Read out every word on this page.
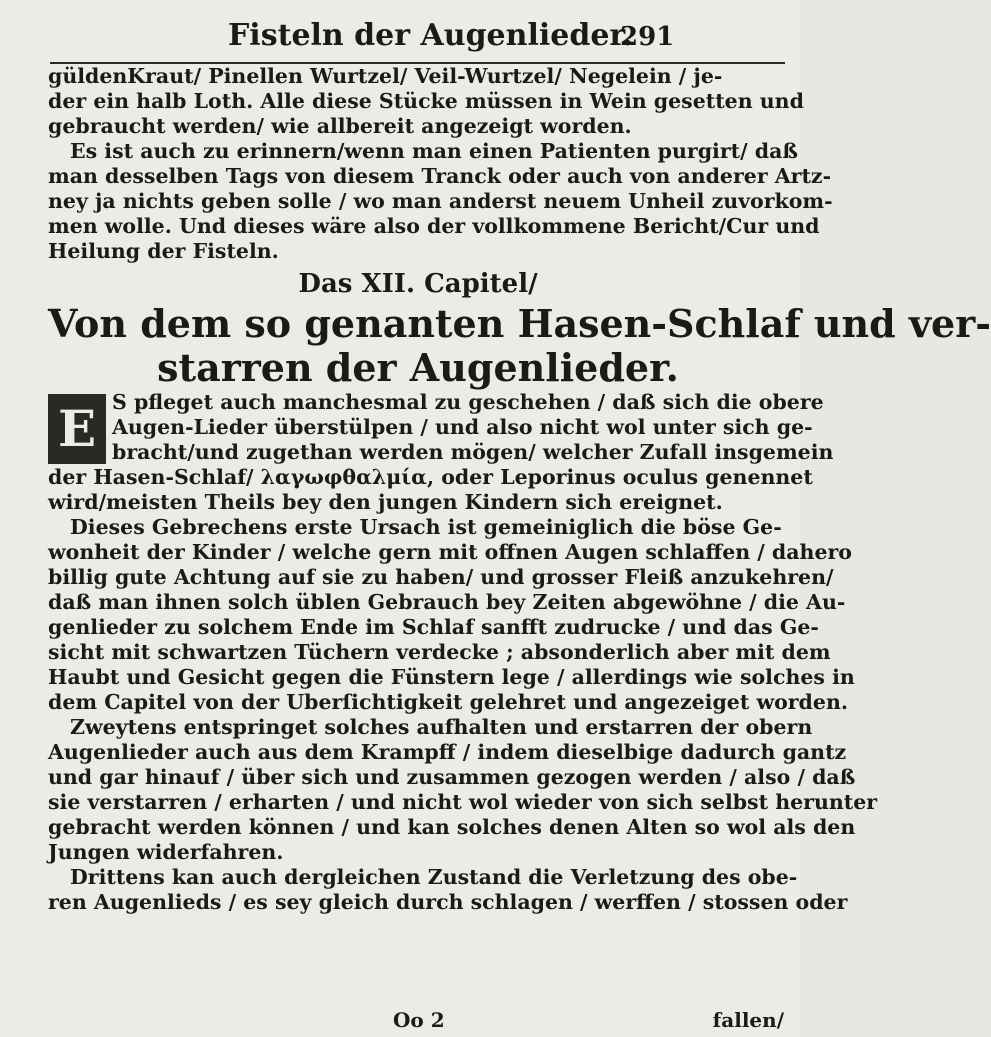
Fisteln der Augenlieder.
291
güldenKraut/ Pinellen Wurtzel/ Veil-Wurtzel/ Negelein / je-
der ein halb Loth. Alle diese Stücke müssen in Wein gesetten und
gebraucht werden/ wie allbereit angezeigt worden.
Es ist auch zu erinnern/wenn man einen Patienten purgirt/ daß
man desselben Tags von diesem Tranck oder auch von anderer Artz-
ney ja nichts geben solle / wo man anderst neuem Unheil zuvorkom-
men wolle. Und dieses wäre also der vollkommene Bericht/Cur und
Heilung der Fisteln.
Das XII. Capitel/
Von dem so genanten Hasen-Schlaf und ver-
starren der Augenlieder.
E S pfleget auch manchesmal zu geschehen / daß sich die obere
Augen-Lieder überstülpen / und also nicht wol unter sich ge-
bracht/und zugethan werden mögen/ welcher Zufall insgemein
der Hasen-Schlaf/ λαγωφθαλμία, oder Leporinus oculus genennet
wird/meisten Theils bey den jungen Kindern sich ereignet.
Dieses Gebrechens erste Ursach ist gemeiniglich die böse Ge-
wonheit der Kinder / welche gern mit offnen Augen schlaffen / dahero
billig gute Achtung auf sie zu haben/ und grosser Fleiß anzukehren/
daß man ihnen solch üblen Gebrauch bey Zeiten abgewöhne / die Au-
genlieder zu solchem Ende im Schlaf sanfft zudrucke / und das Ge-
sicht mit schwartzen Tüchern verdecke ; absonderlich aber mit dem
Haubt und Gesicht gegen die Fünstern lege / allerdings wie solches in
dem Capitel von der Uberſichtigkeit gelehret und angezeiget worden.
Zweytens entspringet solches aufhalten und erstarren der obern
Augenlieder auch aus dem Krampff / indem dieselbige dadurch gantz
und gar hinauf / über sich und zusammen gezogen werden / also / daß
sie verstarren / erharten / und nicht wol wieder von sich selbst herunter
gebracht werden können / und kan solches denen Alten so wol als den
Jungen widerfahren.
Drittens kan auch dergleichen Zustand die Verletzung des obe-
ren Augenlieds / es sey gleich durch schlagen / werffen / stossen oder
Oo 2	fallen/
